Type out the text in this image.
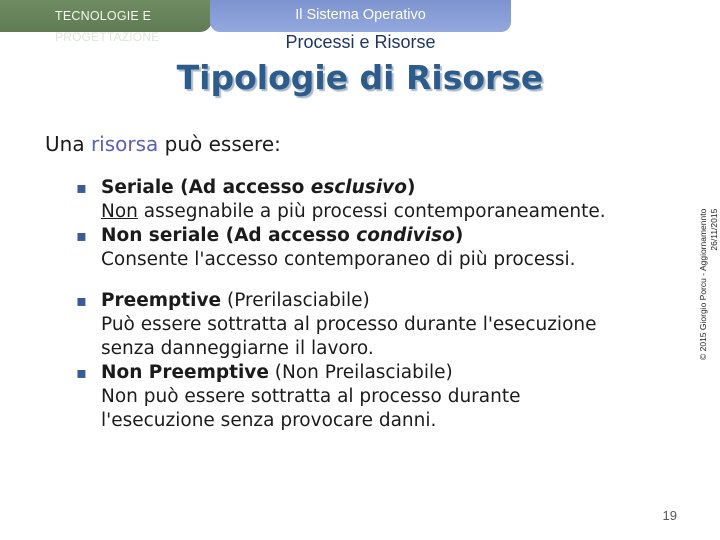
TECNOLOGIE E
PROGETTAZIONE
Il Sistema Operativo
Processi e Risorse
Tipologie di Risorse
Una risorsa può essere:
▪ Seriale (Ad accesso esclusivo)
Non assegnabile a più processi contemporaneamente.
▪ Non seriale (Ad accesso condiviso)
Consente l'accesso contemporaneo di più processi.
▪ Preemptive (Prerilasciabile)
Può essere sottratta al processo durante l'esecuzione
senza danneggiarne il lavoro.
▪ Non Preemptive (Non Preilasciabile)
Non può essere sottratta al processo durante
l'esecuzione senza provocare danni.
© 2015 Giorgio Porcu - Aggiornamennto 26/11/2015
19
